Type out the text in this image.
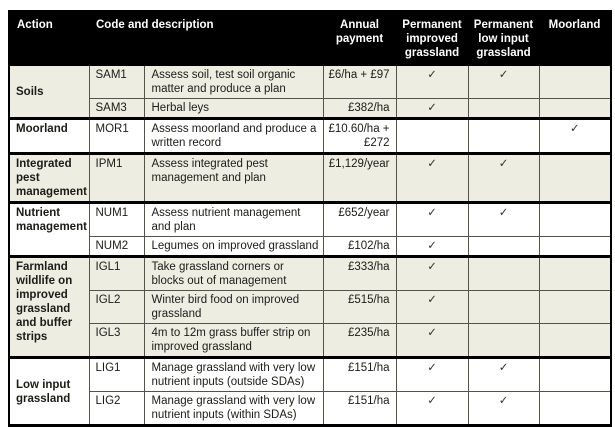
Action	Code and description		Annual payment	Permanent improved grassland	Permanent low input grassland	Moorland
Soils	SAM1	Assess soil, test soil organic matter and produce a plan	£6/ha + £97	✓	✓	
	SAM3	Herbal leys	£382/ha	✓		
Moorland	MOR1	Assess moorland and produce a written record	£10.60/ha + £272			✓
Integrated pest management	IPM1	Assess integrated pest management and plan	£1,129/year	✓	✓	
Nutrient management	NUM1	Assess nutrient management and plan	£652/year	✓	✓	
	NUM2	Legumes on improved grassland	£102/ha	✓		
Farmland wildlife on improved grassland and buffer strips	IGL1	Take grassland corners or blocks out of management	£333/ha	✓		
	IGL2	Winter bird food on improved grassland	£515/ha	✓		
	IGL3	4m to 12m grass buffer strip on improved grassland	£235/ha	✓		
Low input grassland	LIG1	Manage grassland with very low nutrient inputs (outside SDAs)	£151/ha	✓	✓	
	LIG2	Manage grassland with very low nutrient inputs (within SDAs)	£151/ha	✓	✓	
